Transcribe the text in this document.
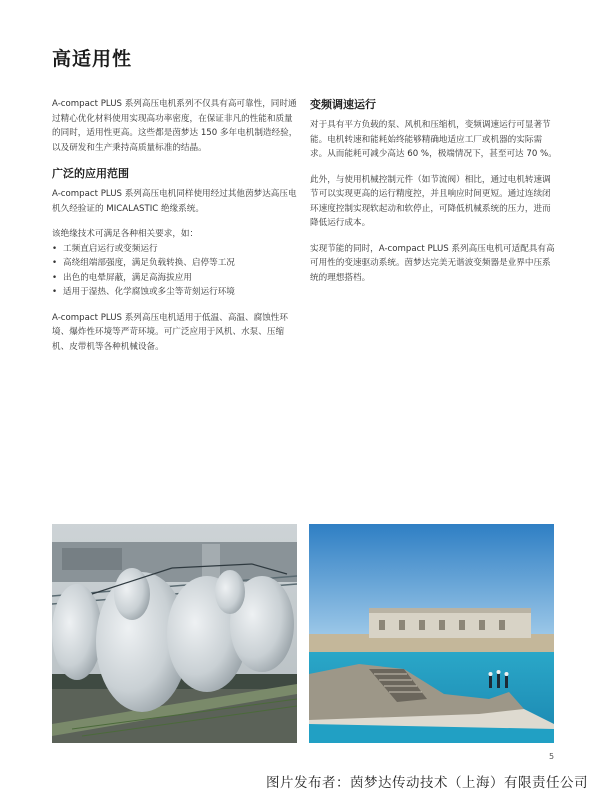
高适用性

A-compact PLUS 系列高压电机系列不仅具有高可靠性，同时通过精心优化材料使用实现高功率密度，在保证非凡的性能和质量的同时，适用性更高。这些都是茵梦达 150 多年电机制造经验，以及研发和生产秉持高质量标准的结晶。

广泛的应用范围

A-compact PLUS 系列高压电机同样使用经过其他茵梦达高压电机久经验证的 MICALASTIC 绝缘系统。

该绝缘技术可满足各种相关要求，如：

• 工频直启运行或变频运行
• 高绕组端部强度，满足负载转换、启停等工况
• 出色的电晕屏蔽，满足高海拔应用
• 适用于湿热、化学腐蚀或多尘等苛刻运行环境

A-compact PLUS 系列高压电机适用于低温、高温、腐蚀性环境、爆炸性环境等严苛环境。可广泛应用于风机、水泵、压缩机、皮带机等各种机械设备。

变频调速运行

对于具有平方负载的泵、风机和压缩机，变频调速运行可显著节能。电机转速和能耗始终能够精确地适应工厂或机器的实际需求。从而能耗可减少高达 60 %，极端情况下，甚至可达 70 %。

此外，与使用机械控制元件（如节流阀）相比，通过电机转速调节可以实现更高的运行精度控，并且响应时间更短。通过连续闭环速度控制实现软起动和软停止，可降低机械系统的压力，进而降低运行成本。

实现节能的同时，A-compact PLUS 系列高压电机可适配具有高可用性的变速驱动系统。茵梦达完美无谐波变频器是业界中压系统的理想搭档。

5
图片发布者：茵梦达传动技术（上海）有限责任公司
